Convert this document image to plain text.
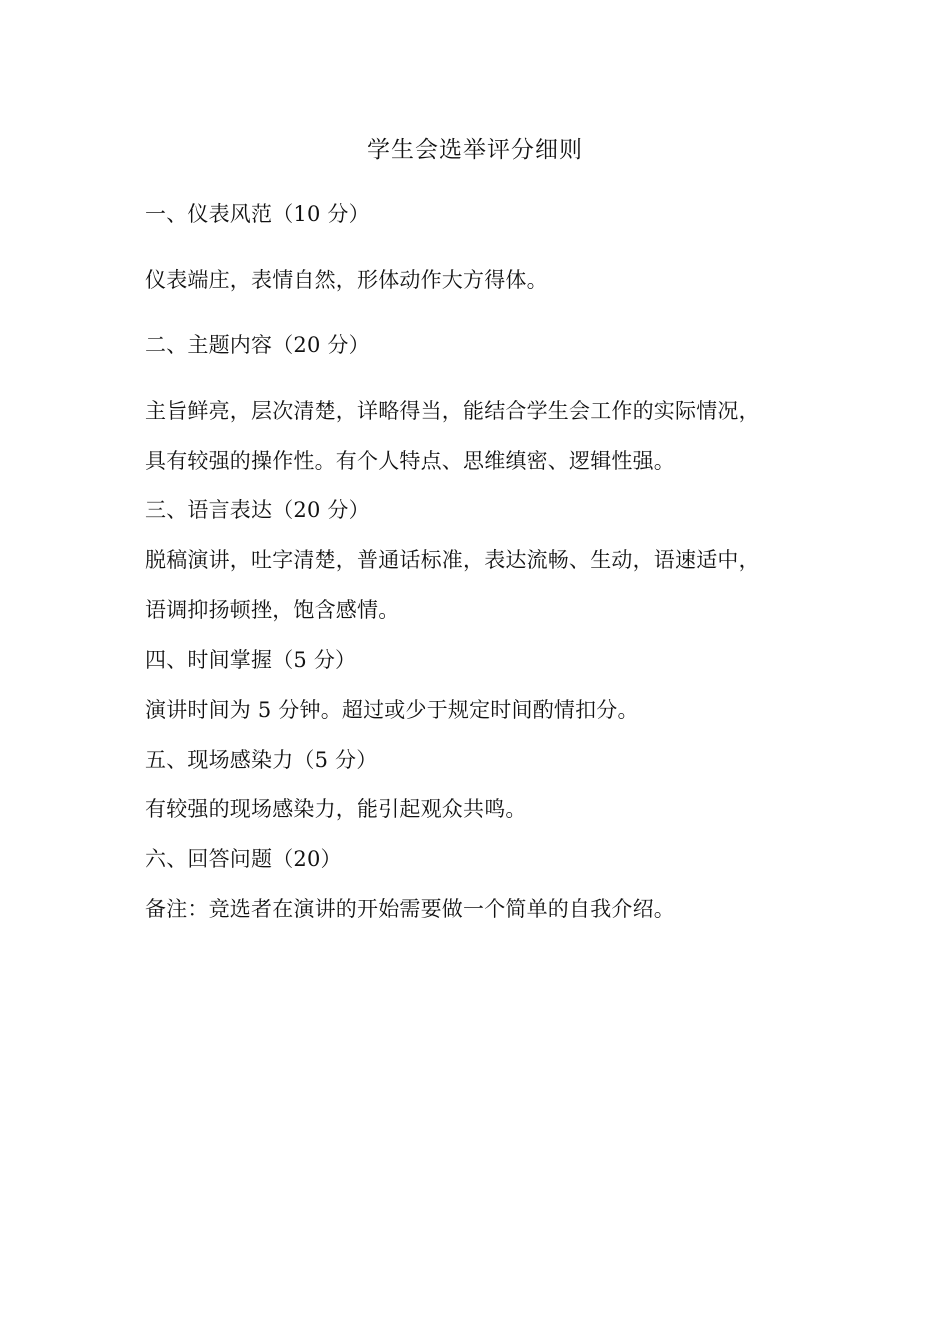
学生会选举评分细则
一、仪表风范（10 分）
仪表端庄，表情自然，形体动作大方得体。
二、主题内容（20 分）
主旨鲜亮，层次清楚，详略得当，能结合学生会工作的实际情况，
具有较强的操作性。有个人特点、思维缜密、逻辑性强。
三、语言表达（20 分）
脱稿演讲，吐字清楚，普通话标准，表达流畅、生动，语速适中，
语调抑扬顿挫，饱含感情。
四、时间掌握（5 分）
演讲时间为 5 分钟。超过或少于规定时间酌情扣分。
五、现场感染力（5 分）
有较强的现场感染力，能引起观众共鸣。
六、回答问题（20）
备注：竞选者在演讲的开始需要做一个简单的自我介绍。
